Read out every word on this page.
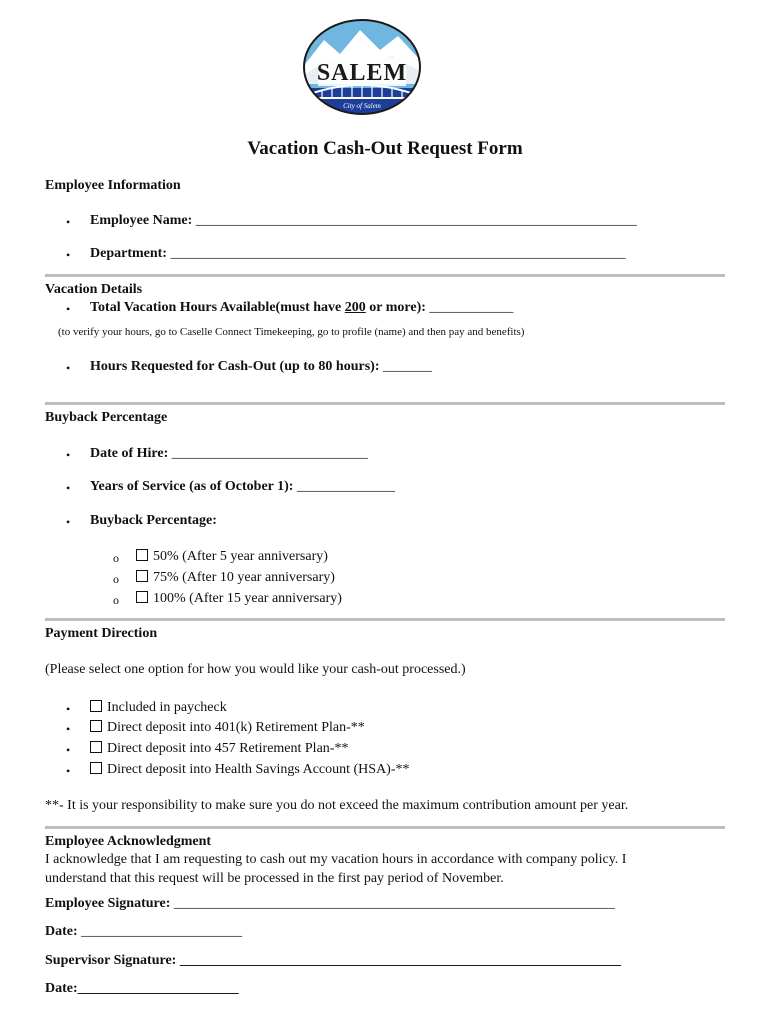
SALEM
City of Salem
Vacation Cash-Out Request Form
Employee Information
• Employee Name: _______________________________________________________________
• Department: _________________________________________________________________
Vacation Details
• Total Vacation Hours Available(must have 200 or more): ____________
(to verify your hours, go to Caselle Connect Timekeeping, go to profile (name) and then pay and benefits)
• Hours Requested for Cash-Out (up to 80 hours): _______
Buyback Percentage
• Date of Hire: ____________________________
• Years of Service (as of October 1): ______________
• Buyback Percentage:
o	50% (After 5 year anniversary)
o	75% (After 10 year anniversary)
o	100% (After 15 year anniversary)
Payment Direction
(Please select one option for how you would like your cash-out processed.)
•	Included in paycheck
•	Direct deposit into 401(k) Retirement Plan-**
•	Direct deposit into 457 Retirement Plan-**
•	Direct deposit into Health Savings Account (HSA)-**
**- It is your responsibility to make sure you do not exceed the maximum contribution amount per year.
Employee Acknowledgment
I acknowledge that I am requesting to cash out my vacation hours in accordance with company policy. I
understand that this request will be processed in the first pay period of November.
Employee Signature: _______________________________________________________________
Date: _______________________
Supervisor Signature: _______________________________________________________________
Date:_______________________
